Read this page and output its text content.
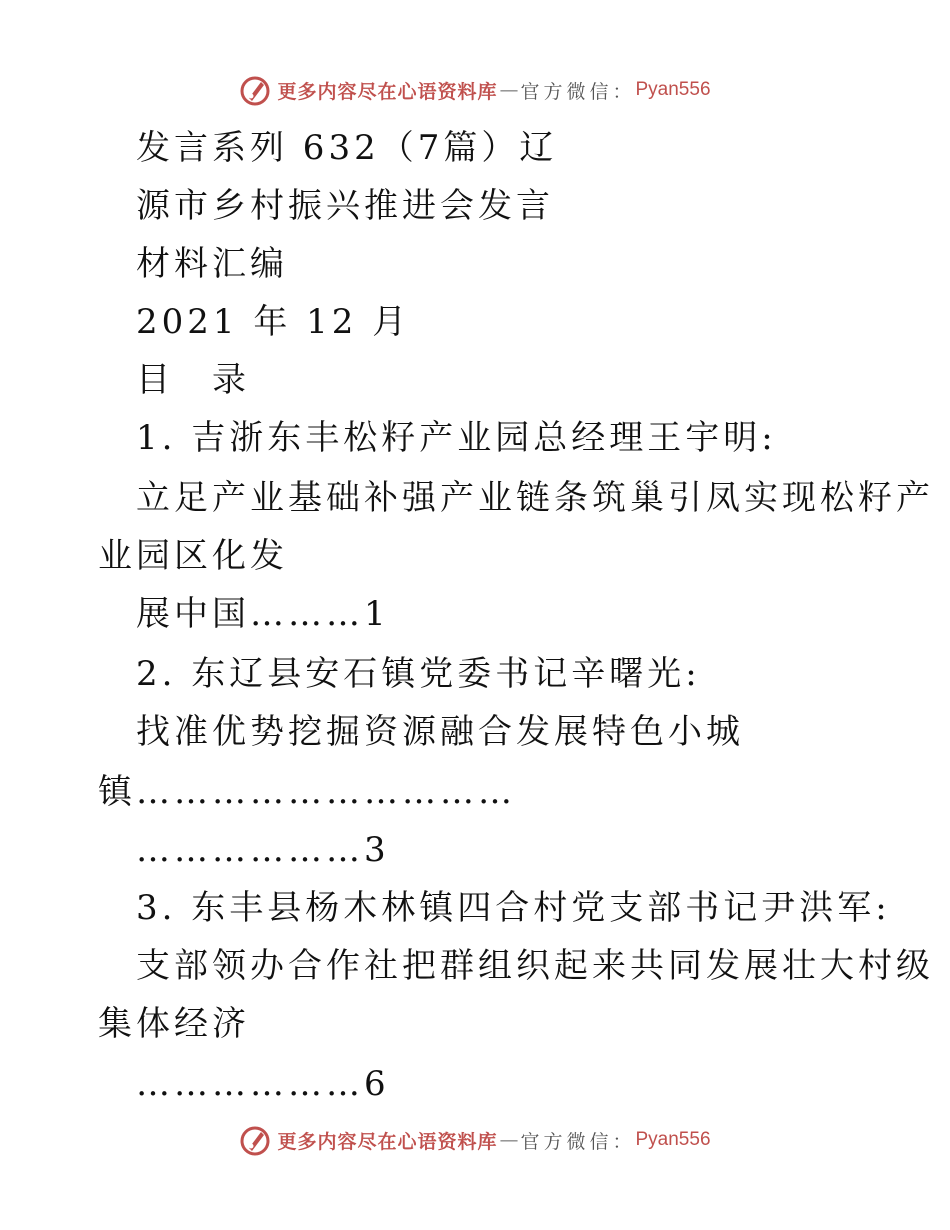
更多内容尽在心语资料库 — 官方微信： Pyan556
发言系列 632（7篇）辽
源市乡村振兴推进会发言
材料汇编
2021 年 12 月
目　录
1. 吉浙东丰松籽产业园总经理王宇明:
立足产业基础补强产业链条筑巢引凤实现松籽产
业园区化发
展中国………1
2. 东辽县安石镇党委书记辛曙光:
找准优势挖掘资源融合发展特色小城
镇…………………………
………………3
3. 东丰县杨木林镇四合村党支部书记尹洪军:
支部领办合作社把群组织起来共同发展壮大村级
集体经济
………………6
更多内容尽在心语资料库 — 官方微信： Pyan556
